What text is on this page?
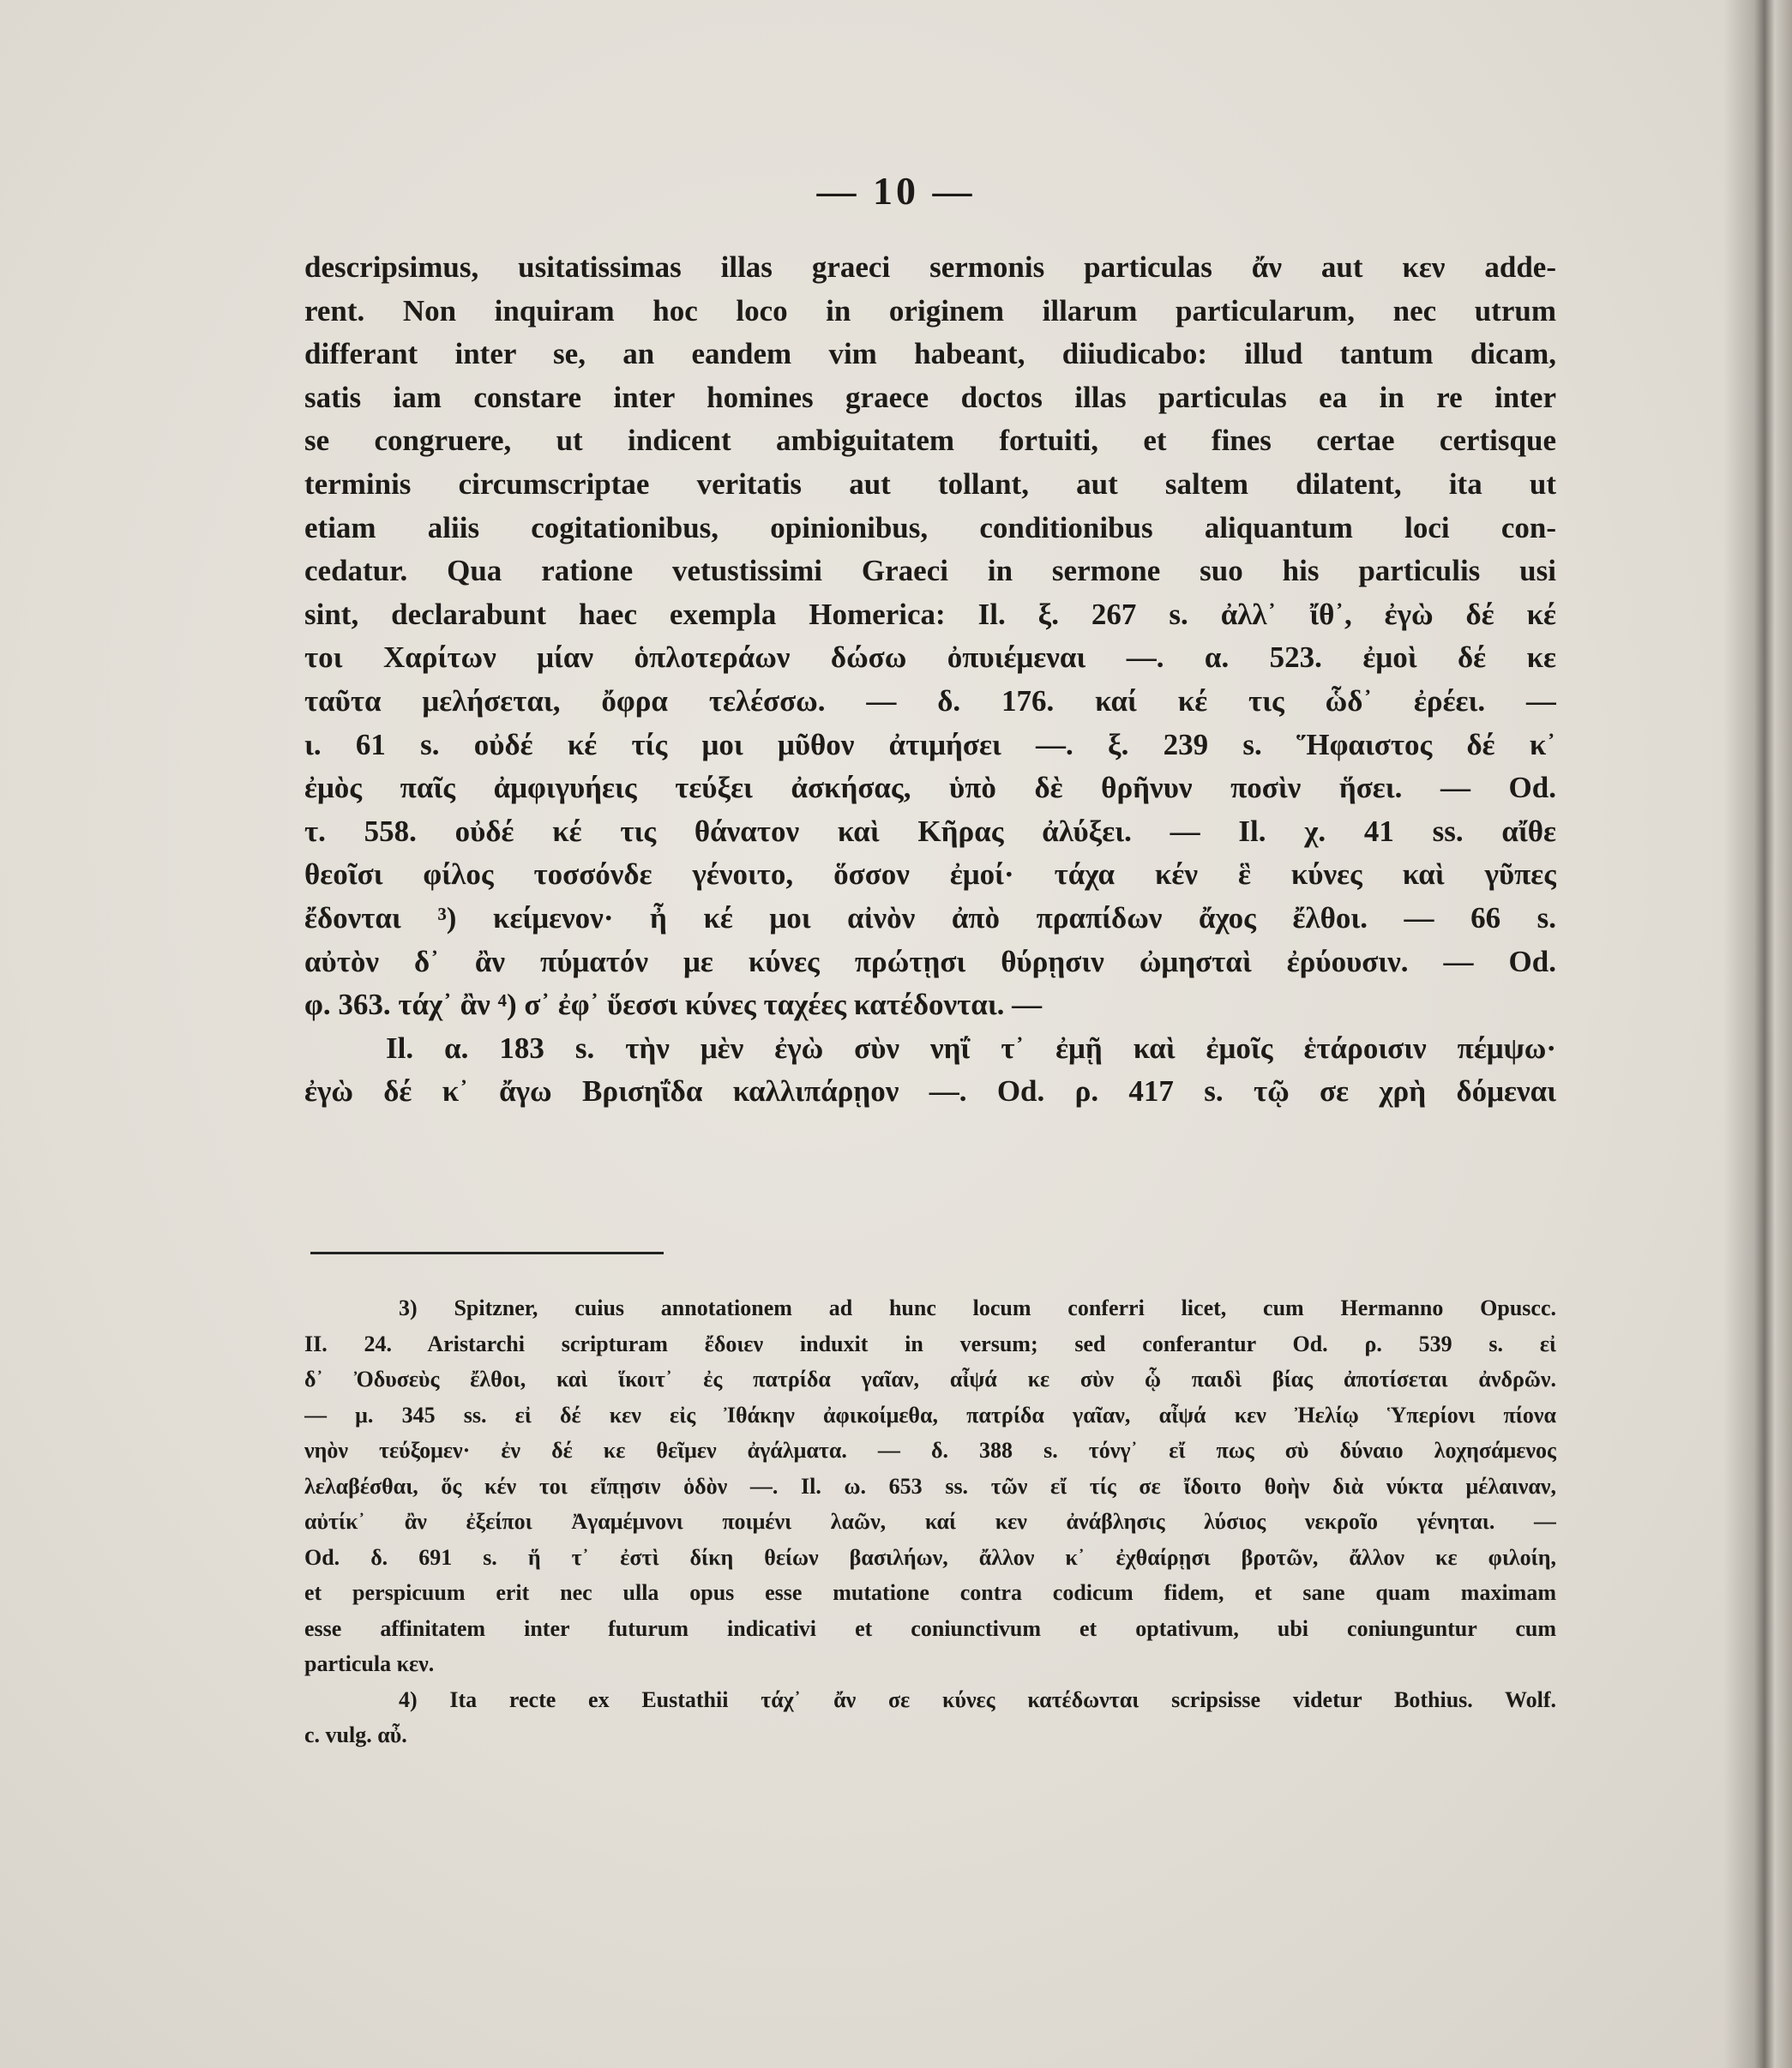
— 10 —
descripsimus, usitatissimas illas graeci sermonis particulas ἄν aut κεν adde-
rent. Non inquiram hoc loco in originem illarum particularum, nec utrum
differant inter se, an eandem vim habeant, diiudicabo: illud tantum dicam,
satis iam constare inter homines graece doctos illas particulas ea in re inter
se congruere, ut indicent ambiguitatem fortuiti, et fines certae certisque
terminis circumscriptae veritatis aut tollant, aut saltem dilatent, ita ut
etiam aliis cogitationibus, opinionibus, conditionibus aliquantum loci con-
cedatur. Qua ratione vetustissimi Graeci in sermone suo his particulis usi
sint, declarabunt haec exempla Homerica: Il. ξ. 267 s. ἀλλ᾽ ἴθ᾽, ἐγὼ δέ κέ
τοι Χαρίτων μίαν ὁπλοτεράων δώσω ὀπυιέμεναι —. α. 523. ἐμοὶ δέ κε
ταῦτα μελήσεται, ὄφρα τελέσσω. — δ. 176. καί κέ τις ὧδ᾽ ἐρέει. —
ι. 61 s. οὐδέ κέ τίς μοι μῦθον ἀτιμήσει —. ξ. 239 s. Ἥφαιστος δέ κ᾽
ἐμὸς παῖς ἀμφιγυήεις τεύξει ἀσκήσας, ὑπὸ δὲ θρῆνυν ποσὶν ἥσει. — Od.
τ. 558. οὐδέ κέ τις θάνατον καὶ Κῆρας ἀλύξει. — Il. χ. 41 ss. αἴθε
θεοῖσι φίλος τοσσόνδε γένοιτο, ὅσσον ἐμοί· τάχα κέν ἓ κύνες καὶ γῦπες
ἔδονται ³) κείμενον· ἦ κέ μοι αἰνὸν ἀπὸ πραπίδων ἄχος ἔλθοι. — 66 s.
αὐτὸν δ᾽ ἂν πύματόν με κύνες πρώτῃσι θύρῃσιν ὠμησταὶ ἐρύουσιν. — Od.
φ. 363. τάχ᾽ ἂν ⁴) σ᾽ ἐφ᾽ ὕεσσι κύνες ταχέες κατέδονται. —
Il. α. 183 s. τὴν μὲν ἐγὼ σὺν νηΐ τ᾽ ἐμῇ καὶ ἐμοῖς ἑτάροισιν πέμψω·
ἐγὼ δέ κ᾽ ἄγω Βρισηΐδα καλλιπάρῃον —. Od. ρ. 417 s. τῷ σε χρὴ δόμεναι
3) Spitzner, cuius annotationem ad hunc locum conferri licet, cum Hermanno Opuscc.
II. 24. Aristarchi scripturam ἔδοιεν induxit in versum; sed conferantur Od. ρ. 539 s. εἰ
δ᾽ Ὀδυσεὺς ἔλθοι, καὶ ἵκοιτ᾽ ἐς πατρίδα γαῖαν, αἶψά κε σὺν ᾧ παιδὶ βίας ἀποτίσεται ἀνδρῶν.
— μ. 345 ss. εἰ δέ κεν εἰς Ἰθάκην ἀφικοίμεθα, πατρίδα γαῖαν, αἶψά κεν Ἠελίῳ Ὑπερίονι πίονα
νηὸν τεύξομεν· ἐν δέ κε θεῖμεν ἀγάλματα. — δ. 388 s. τόνγ᾽ εἴ πως σὺ δύναιο λοχησάμενος
λελαβέσθαι, ὅς κέν τοι εἴπῃσιν ὁδὸν —. Il. ω. 653 ss. τῶν εἴ τίς σε ἴδοιτο θοὴν διὰ νύκτα μέλαιναν,
αὐτίκ᾽ ἂν ἐξείποι Ἀγαμέμνονι ποιμένι λαῶν, καί κεν ἀνάβλησις λύσιος νεκροῖο γένηται. —
Od. δ. 691 s. ἥ τ᾽ ἐστὶ δίκη θείων βασιλήων, ἄλλον κ᾽ ἐχθαίρῃσι βροτῶν, ἄλλον κε φιλοίη,
et perspicuum erit nec ulla opus esse mutatione contra codicum fidem, et sane quam maximam
esse affinitatem inter futurum indicativi et coniunctivum et optativum, ubi coniunguntur cum
particula κεν.
4) Ita recte ex Eustathii τάχ᾽ ἄν σε κύνες κατέδωνται scripsisse videtur Bothius. Wolf.
c. vulg. αὖ.
